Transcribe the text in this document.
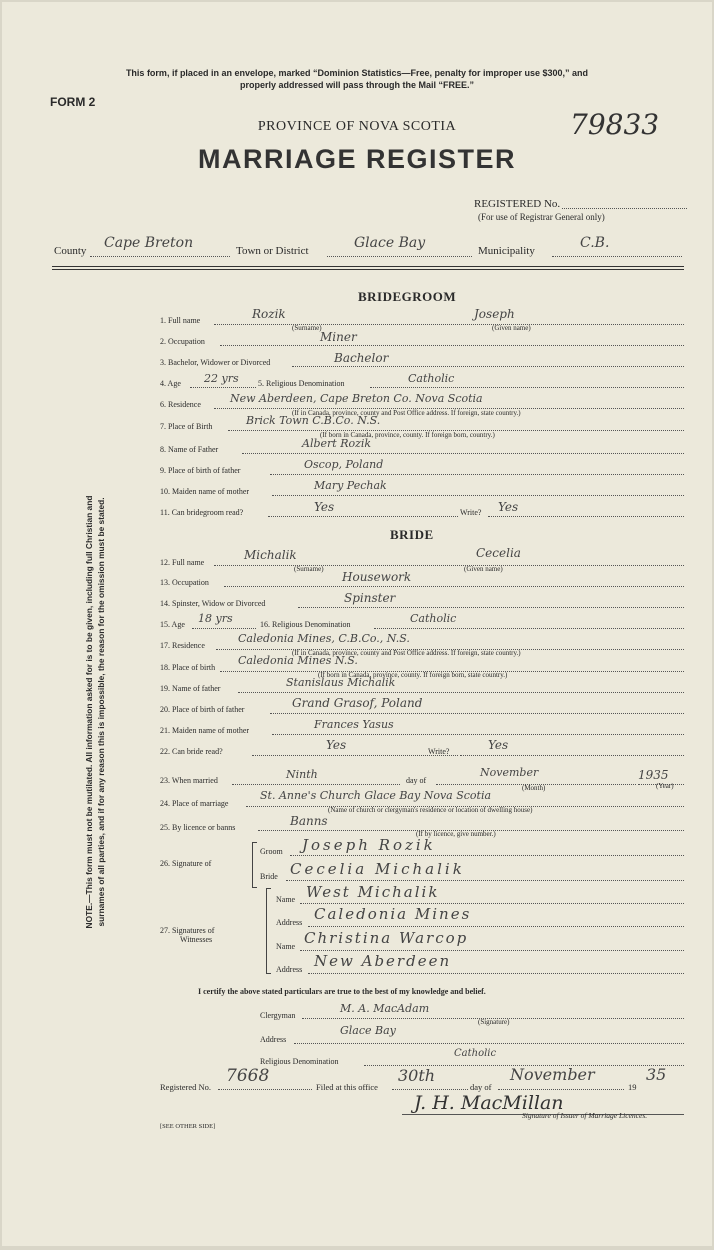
This form, if placed in an envelope, marked “Dominion Statistics—Free, penalty for improper use $300,” and
properly addressed will pass through the Mail “FREE.”
FORM 2
PROVINCE OF NOVA SCOTIA	79833
MARRIAGE REGISTER
REGISTERED No.
(For use of Registrar General only)
County Cape Breton	Town or District	Glace Bay	Municipality	C.B.
NOTE.—This form must not be mutilated. All information asked for is to be given, including full Christian and surnames of all parties, and if for any reason this is impossible, the reason for the omission must be stated.
BRIDEGROOM
1. Full name	Rozik	Joseph
(Surname)	(Given name)
2. Occupation	Miner
3. Bachelor, Widower or Divorced	Bachelor
4. Age 22 yrs 5. Religious Denomination	Catholic
6. Residence	New Aberdeen, Cape Breton Co. Nova Scotia
(If in Canada, province, county and Post Office address. If foreign, state country.)
7. Place of Birth	Brick Town C.B.Co. N.S.
(If born in Canada, province, county. If foreign born, country.)
8. Name of Father	Albert Rozik
9. Place of birth of father	Oscop, Poland
10. Maiden name of mother	Mary Pechak
11. Can bridegroom read?	Yes	Write? Yes
BRIDE
12. Full name
Michalik	Cecelia
(Surname)	(Given name)
13. Occupation	Housework
14. Spinster, Widow or Divorced	Spinster
15. Age 18 yrs	16. Religious Denomination	Catholic
17. Residence
Caledonia Mines, C.B.Co., N.S.
(If in Canada, province, county and Post Office address. If foreign, state country.)
18. Place of birth
Caledonia Mines N.S.
(If born in Canada, province, county. If foreign born, state country.)
19. Name of father	Stanislaus Michalik
20. Place of birth of father	Grand Grasof, Poland
21. Maiden name of mother	Frances Yasus
22. Can bride read?	Yes	Write?	Yes
23. When married	Ninth	day of
November	1935
(Month)	(Year)
24. Place of marriage
St. Anne's Church Glace Bay Nova Scotia
(Name of church or clergyman's residence or location of dwelling house)
25. By licence or banns	Banns
(If by licence, give number.)
26. Signature of
Groom Joseph Rozik
Bride Cecelia Michalik
27. Signatures of
Witnesses
Name West Michalik
Address Caledonia Mines
Name Christina Warcop
Address New Aberdeen
I certify the above stated particulars are true to the best of my knowledge and belief.
Clergyman
M. A. MacAdam
(Signature)
Address
Glace Bay
Religious Denomination
Catholic
Registered No.
7668
Filed at this office
30th
day of
November
19
35
J. H. MacMillan
Signature of Issuer of Marriage Licences.
[SEE OTHER SIDE]
